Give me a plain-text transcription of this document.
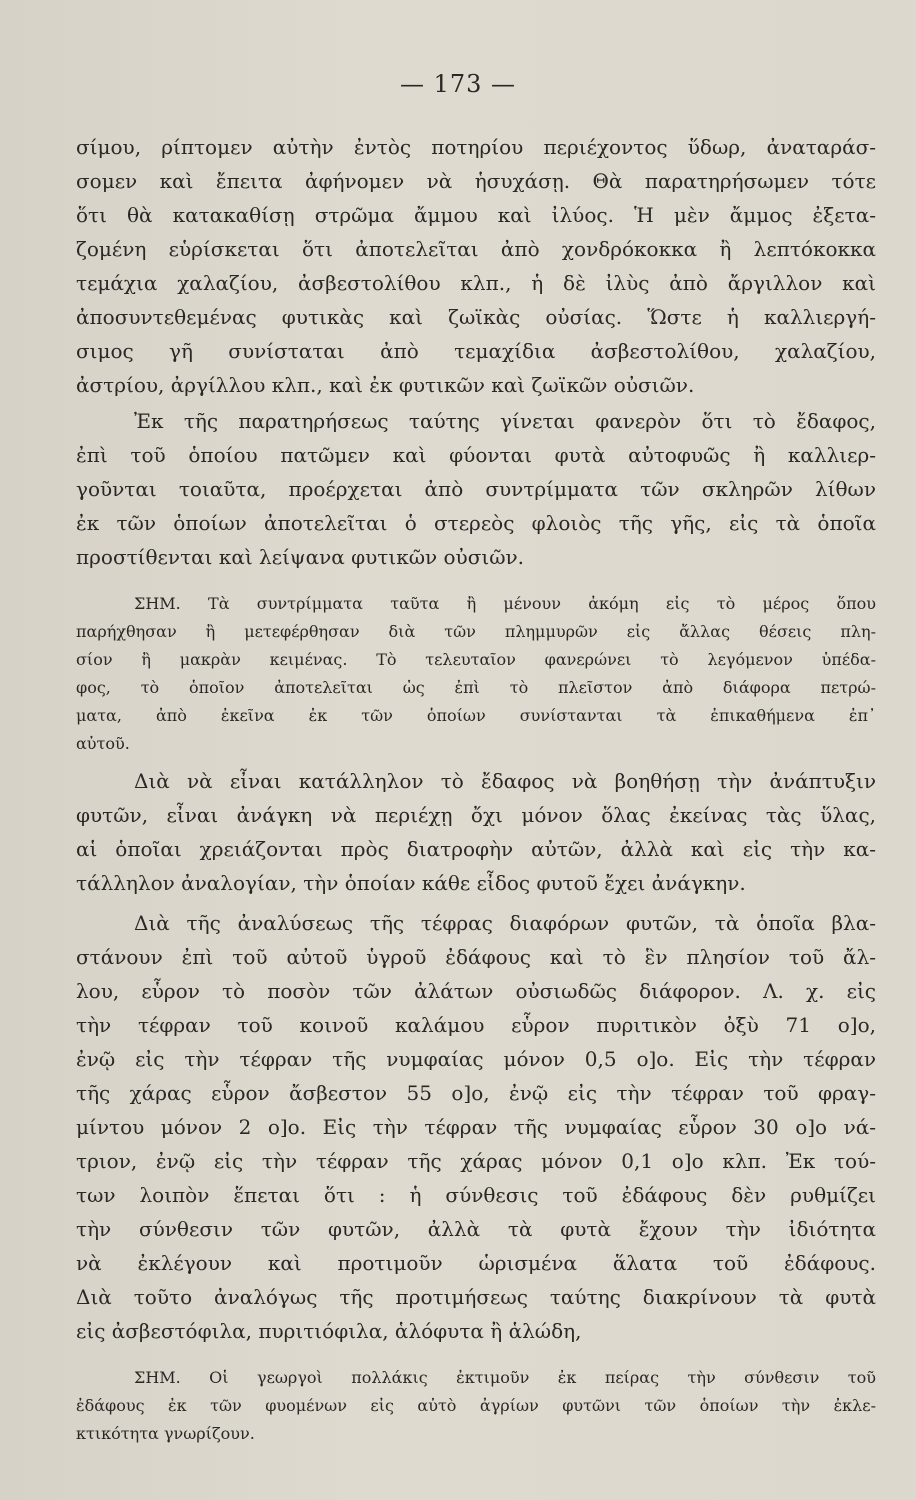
— 173 —
σίμου, ρίπτομεν αὐτὴν ἐντὸς ποτηρίου περιέχοντος ὕδωρ, ἀναταράσ-
σομεν καὶ ἔπειτα ἀφήνομεν νὰ ἡσυχάσῃ. Θὰ παρατηρήσωμεν τότε
ὅτι θὰ κατακαθίσῃ στρῶμα ἄμμου καὶ ἰλύος. Ἡ μὲν ἄμμος ἐξετα-
ζομένη εὑρίσκεται ὅτι ἀποτελεῖται ἀπὸ χονδρόκοκκα ἢ λεπτόκοκκα
τεμάχια χαλαζίου, ἀσβεστολίθου κλπ., ἡ δὲ ἰλὺς ἀπὸ ἄργιλλον καὶ
ἀποσυντεθεμένας φυτικὰς καὶ ζωϊκὰς οὐσίας. Ὥστε ἡ καλλιεργή-
σιμος γῆ συνίσταται ἀπὸ τεμαχίδια ἀσβεστολίθου, χαλαζίου,
ἀστρίου, ἀργίλλου κλπ., καὶ ἐκ φυτικῶν καὶ ζωϊκῶν οὐσιῶν.
Ἐκ τῆς παρατηρήσεως ταύτης γίνεται φανερὸν ὅτι τὸ ἔδαφος,
ἐπὶ τοῦ ὁποίου πατῶμεν καὶ φύονται φυτὰ αὐτοφυῶς ἢ καλλιερ-
γοῦνται τοιαῦτα, προέρχεται ἀπὸ συντρίμματα τῶν σκληρῶν λίθων
ἐκ τῶν ὁποίων ἀποτελεῖται ὁ στερεὸς φλοιὸς τῆς γῆς, εἰς τὰ ὁποῖα
προστίθενται καὶ λείψανα φυτικῶν οὐσιῶν.
ΣΗΜ. Τὰ συντρίμματα ταῦτα ἢ μένουν ἀκόμη εἰς τὸ μέρος ὅπου
παρήχθησαν ἢ μετεφέρθησαν διὰ τῶν πλημμυρῶν εἰς ἄλλας θέσεις πλη-
σίον ἢ μακρὰν κειμένας. Τὸ τελευταῖον φανερώνει τὸ λεγόμενον ὑπέδα-
φος, τὸ ὁποῖον ἀποτελεῖται ὡς ἐπὶ τὸ πλεῖστον ἀπὸ διάφορα πετρώ-
ματα, ἀπὸ ἐκεῖνα ἐκ τῶν ὁποίων συνίστανται τὰ ἐπικαθήμενα ἐπ᾽
αὐτοῦ.
Διὰ νὰ εἶναι κατάλληλον τὸ ἔδαφος νὰ βοηθήσῃ τὴν ἀνάπτυξιν
φυτῶν, εἶναι ἀνάγκη νὰ περιέχῃ ὄχι μόνον ὅλας ἐκείνας τὰς ὕλας,
αἱ ὁποῖαι χρειάζονται πρὸς διατροφὴν αὐτῶν, ἀλλὰ καὶ εἰς τὴν κα-
τάλληλον ἀναλογίαν, τὴν ὁποίαν κάθε εἶδος φυτοῦ ἔχει ἀνάγκην.
Διὰ τῆς ἀναλύσεως τῆς τέφρας διαφόρων φυτῶν, τὰ ὁποῖα βλα-
στάνουν ἐπὶ τοῦ αὐτοῦ ὑγροῦ ἐδάφους καὶ τὸ ἓν πλησίον τοῦ ἄλ-
λου, εὗρον τὸ ποσὸν τῶν ἀλάτων οὐσιωδῶς διάφορον. Λ. χ. εἰς
τὴν τέφραν τοῦ κοινοῦ καλάμου εὗρον πυριτικὸν ὀξὺ 71 ο]ο,
ἐνῷ εἰς τὴν τέφραν τῆς νυμφαίας μόνον 0,5 ο]ο. Εἰς τὴν τέφραν
τῆς χάρας εὗρον ἄσβεστον 55 ο]ο, ἐνῷ εἰς τὴν τέφραν τοῦ φραγ-
μίντου μόνον 2 ο]ο. Εἰς τὴν τέφραν τῆς νυμφαίας εὗρον 30 ο]ο νά-
τριον, ἐνῷ εἰς τὴν τέφραν τῆς χάρας μόνον 0,1 ο]ο κλπ. Ἐκ τού-
των λοιπὸν ἕπεται ὅτι : ἡ σύνθεσις τοῦ ἐδάφους δὲν ρυθμίζει
τὴν σύνθεσιν τῶν φυτῶν, ἀλλὰ τὰ φυτὰ ἔχουν τὴν ἰδιότητα
νὰ ἐκλέγουν καὶ προτιμοῦν ὡρισμένα ἅλατα τοῦ ἐδάφους.
Διὰ τοῦτο ἀναλόγως τῆς προτιμήσεως ταύτης διακρίνουν τὰ φυτὰ
εἰς ἀσβεστόφιλα, πυριτιόφιλα, ἁλόφυτα ἢ ἁλώδη,
ΣΗΜ. Οἱ γεωργοὶ πολλάκις ἐκτιμοῦν ἐκ πείρας τὴν σύνθεσιν τοῦ
ἐδάφους ἐκ τῶν φυομένων εἰς αὐτὸ ἀγρίων φυτῶνι τῶν ὁποίων τὴν ἐκλε-
κτικότητα γνωρίζουν.
